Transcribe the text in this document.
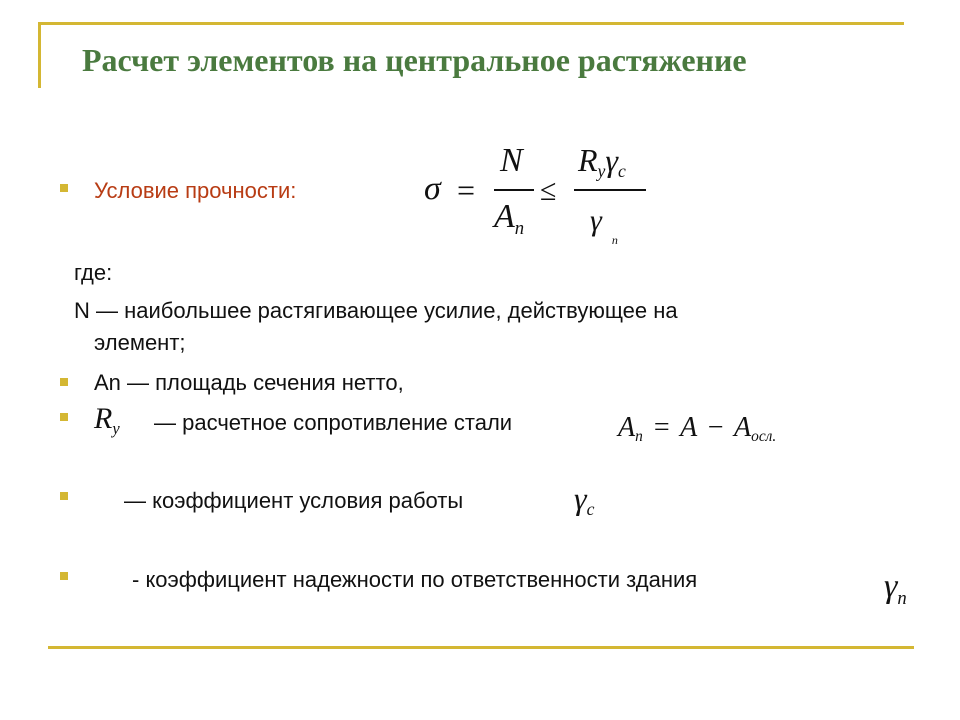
Расчет элементов на центральное растяжение
Условие прочности:	σ =
N
An
≤
Ryγc
$\gamma_n$
где:
N — наибольшее растягивающее усилие, действующее на
элемент;
An — площадь сечения нетто,
Ry — расчетное сопротивление стали	An = A − Aосл.
— коэффициент условия работы	γc
- коэффициент надежности по ответственности здания	γn
